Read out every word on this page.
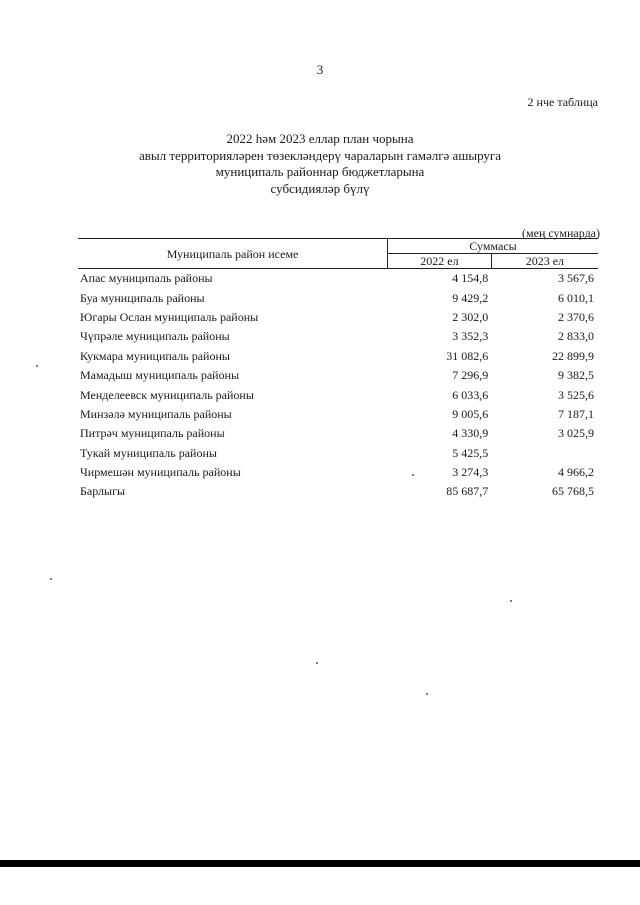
3
2 нче таблица
2022 һәм 2023 еллар план чорына
авыл территорияләрен төзекләндерү чараларын гамәлгә ашыруга
муниципаль районнар бюджетларына
субсидияләр бүлү
(мең сумнарда)
Муниципаль район исеме	Суммасы	
	2022 ел	2023 ел
Апас муниципаль районы	4 154,8	3 567,6
Буа муниципаль районы	9 429,2	6 010,1
Югары Ослан муниципаль районы	2 302,0	2 370,6
Чүпрәле муниципаль районы	3 352,3	2 833,0
Кукмара муниципаль районы	31 082,6	22 899,9
Мамадыш муниципаль районы	7 296,9	9 382,5
Менделеевск муниципаль районы	6 033,6	3 525,6
Минзәлә муниципаль районы	9 005,6	7 187,1
Питрәч муниципаль районы	4 330,9	3 025,9
Тукай муниципаль районы	5 425,5	
Чирмешән муниципаль районы	3 274,3	4 966,2
Барлыгы	85 687,7	65 768,5
